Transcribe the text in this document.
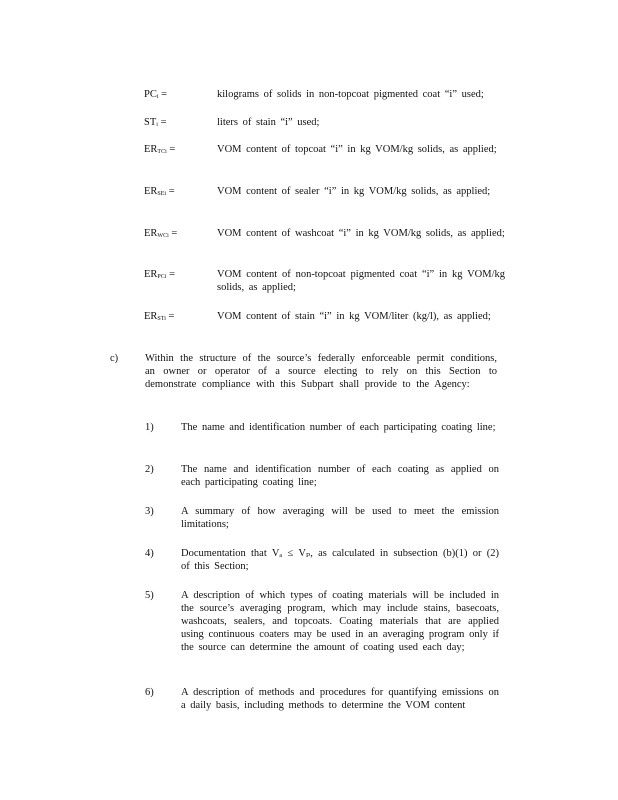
$PC_i$ =	kilograms of solids in non-topcoat pigmented coat “i” used;
$ST_i$ =	liters of stain “i” used;
$ER_{TCi}$ =	VOM content of topcoat “i” in kg VOM/kg solids, as applied;
$ER_{SEi}$ =	VOM content of sealer “i” in kg VOM/kg solids, as applied;
$ER_{WCi}$ =	VOM content of washcoat “i” in kg VOM/kg solids, as applied;
$ER_{PCi}$ =	VOM content of non-topcoat pigmented coat “i” in kg VOM/kg solids, as applied;
$ER_{STi}$ =	VOM content of stain “i” in kg VOM/liter (kg/l), as applied;
c)	Within the structure of the source’s federally enforceable permit conditions, an owner or operator of a source electing to rely on this Section to demonstrate compliance with this Subpart shall provide to the Agency:
1)	The name and identification number of each participating coating line;
2)	The name and identification number of each coating as applied on each participating coating line;
3)	A summary of how averaging will be used to meet the emission limitations;
4)	Documentation that Vₐ ≤ Vₚ, as calculated in subsection (b)(1) or (2) of this Section;
5)	A description of which types of coating materials will be included in the source’s averaging program, which may include stains, basecoats, washcoats, sealers, and topcoats. Coating materials that are applied using continuous coaters may be used in an averaging program only if the source can determine the amount of coating used each day;
6)	A description of methods and procedures for quantifying emissions on a daily basis, including methods to determine the VOM content
